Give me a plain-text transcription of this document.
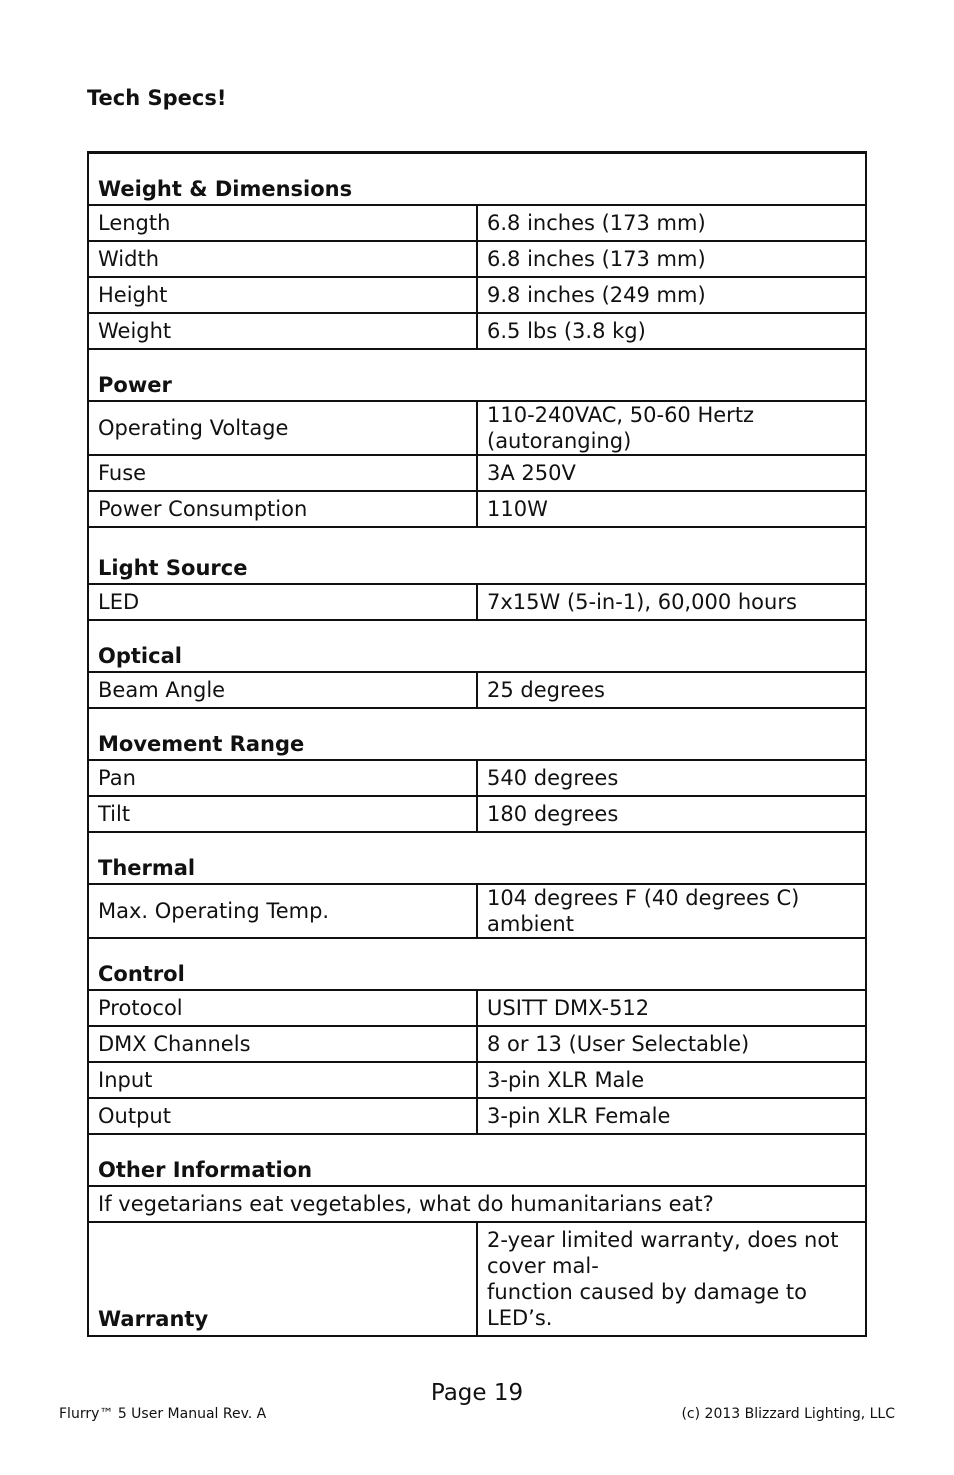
Tech Specs!
Weight & Dimensions	
Length	6.8 inches (173 mm)
Width	6.8 inches (173 mm)
Height	9.8 inches (249 mm)
Weight	6.5 lbs (3.8 kg)
Power	
Operating Voltage	110-240VAC, 50-60 Hertz (autoranging)
Fuse	3A 250V
Power Consumption	110W
Light Source	
LED	7x15W (5-in-1), 60,000 hours
Optical	
Beam Angle	25 degrees
Movement Range	
Pan	540 degrees
Tilt	180 degrees
Thermal	
Max. Operating Temp.	104 degrees F (40 degrees C) ambient
Control	
Protocol	USITT DMX-512
DMX Channels	8 or 13 (User Selectable)
Input	3-pin XLR Male
Output	3-pin XLR Female
Other Information	
If vegetarians eat vegetables, what do humanitarians eat?	
Warranty	2-year limited warranty, does not cover mal-
function caused by damage to LED’s.
Page 19
Flurry™ 5 User Manual Rev. A	(c) 2013 Blizzard Lighting, LLC
